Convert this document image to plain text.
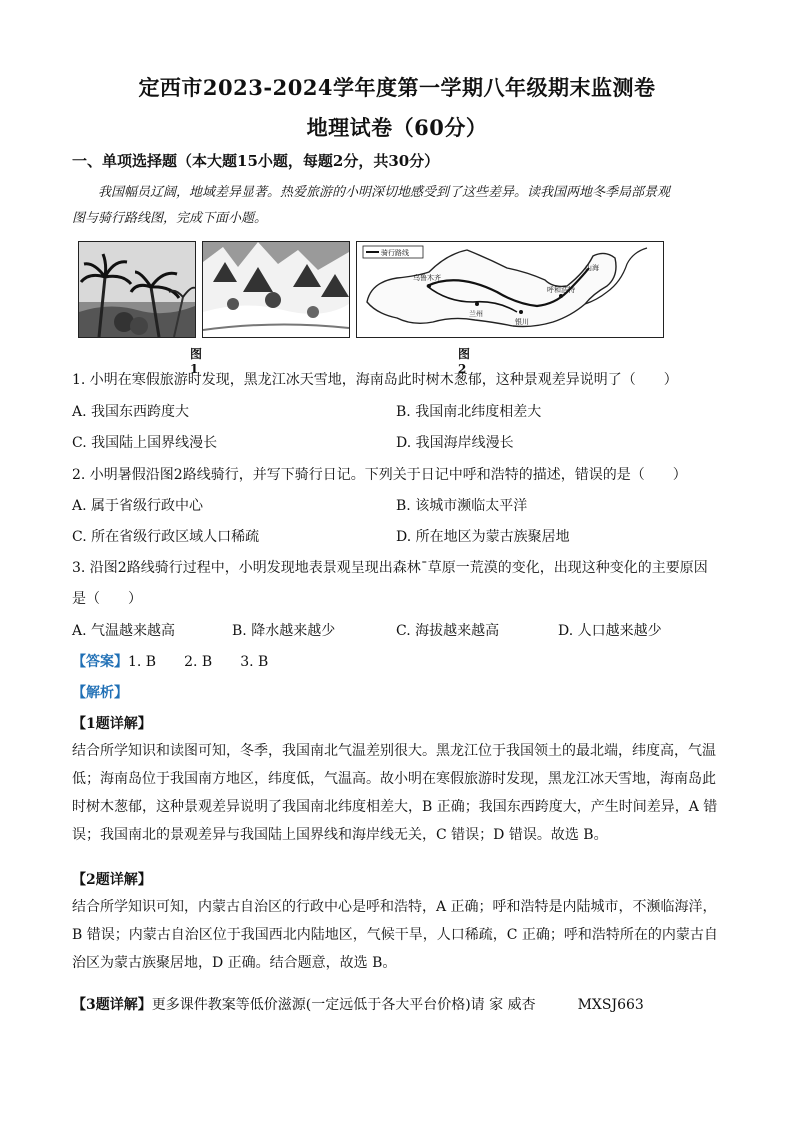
定西市2023-2024学年度第一学期八年级期末监测卷
地理试卷（60分）
一、单项选择题（本大题15小题，每题2分，共30分）
我国幅员辽阔，地域差异显著。热爱旅游的小明深切地感受到了这些差异。读我国两地冬季局部景观
图与骑行路线图，完成下面小题。
骑行路线
乌鲁木齐
呼和浩特
山海
兰州
银川
图1
图2
1. 小明在寒假旅游时发现，黑龙江冰天雪地，海南岛此时树木葱郁，这种景观差异说明了（　　）
A. 我国东西跨度大	B. 我国南北纬度相差大
C. 我国陆上国界线漫长	D. 我国海岸线漫长
2. 小明暑假沿图2路线骑行，并写下骑行日记。下列关于日记中呼和浩特的描述，错误的是（　　）
A. 属于省级行政中心	B. 该城市濒临太平洋
C. 所在省级行政区域人口稀疏	D. 所在地区为蒙古族聚居地
3. 沿图2路线骑行过程中，小明发现地表景观呈现出森林¯草原一荒漠的变化，出现这种变化的主要原因
是（　　）
A. 气温越来越高	B. 降水越来越少	C. 海拔越来越高	D. 人口越来越少
【答案】1. B　　2. B　　3. B
【解析】
【1题详解】
结合所学知识和读图可知，冬季，我国南北气温差别很大。黑龙江位于我国领土的最北端，纬度高，气温
低；海南岛位于我国南方地区，纬度低，气温高。故小明在寒假旅游时发现，黑龙江冰天雪地，海南岛此
时树木葱郁，这种景观差异说明了我国南北纬度相差大，B 正确；我国东西跨度大，产生时间差异，A 错
误；我国南北的景观差异与我国陆上国界线和海岸线无关，C 错误；D 错误。故选 B。
【2题详解】
结合所学知识可知，内蒙古自治区的行政中心是呼和浩特，A 正确；呼和浩特是内陆城市，不濒临海洋，
B 错误；内蒙古自治区位于我国西北内陆地区，气候干旱，人口稀疏，C 正确；呼和浩特所在的内蒙古自
治区为蒙古族聚居地，D 正确。结合题意，故选 B。
【3题详解】更多课件教案等低价滋源(一定远低于各大平台价格)请 家 威杏　　　MXSJ663
